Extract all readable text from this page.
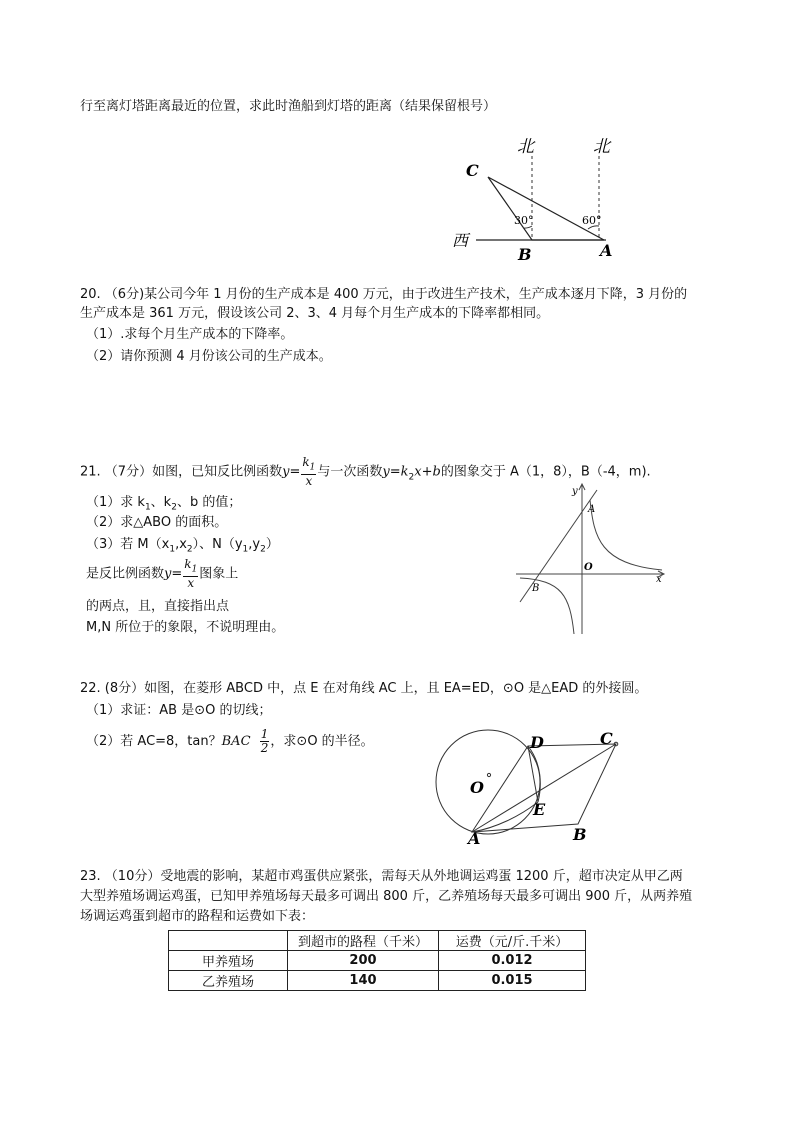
行至离灯塔距离最近的位置，求此时渔船到灯塔的距离（结果保留根号）
北	北
西
C
B	A
30°	60°
20. （6分)某公司今年 1 月份的生产成本是 400 万元，由于改进生产技术，生产成本逐月下降，3 月份的
生产成本是 361 万元，假设该公司 2、3、4 月每个月生产成本的下降率都相同。
（1）.求每个月生产成本的下降率。
（2）请你预测 4 月份该公司的生产成本。
21. （7分）如图，已知反比例函数$y= \frac{k_1}{x}$ 与一次函数$y=k_2x+b$的图象交于 A（1，8），B（-4，m).
（1）求 $k_1$、$k_2$、b 的值；
（2）求△ABO 的面积。
（3）若 $M(x_1,x_2)$、$N(y_1,y_2)$
是反比例函数$y= \frac{k_1}{x}$ 图象上
的两点，且，直接指出点
M,N 所位于的象限，不说明理由。
y
x
A
B
O
22. (8分）如图，在菱形 ABCD 中，点 E 在对角线 AC 上，且 EA=ED，⊙O 是△EAD 的外接圆。
（1）求证：AB 是⊙O 的切线；
（2）若 AC=8，tan？BAC $\frac{1}{2}$ ，求⊙O 的半径。	D	C
O
E
A	B
23. （10分）受地震的影响，某超市鸡蛋供应紧张，需每天从外地调运鸡蛋 1200 斤，超市决定从甲乙两
大型养殖场调运鸡蛋，已知甲养殖场每天最多可调出 800 斤，乙养殖场每天最多可调出 900 斤，从两养殖
场调运鸡蛋到超市的路程和运费如下表：
	到超市的路程（千米）	运费（元/斤.千米）
甲养殖场	200	0.012
乙养殖场	140	0.015
